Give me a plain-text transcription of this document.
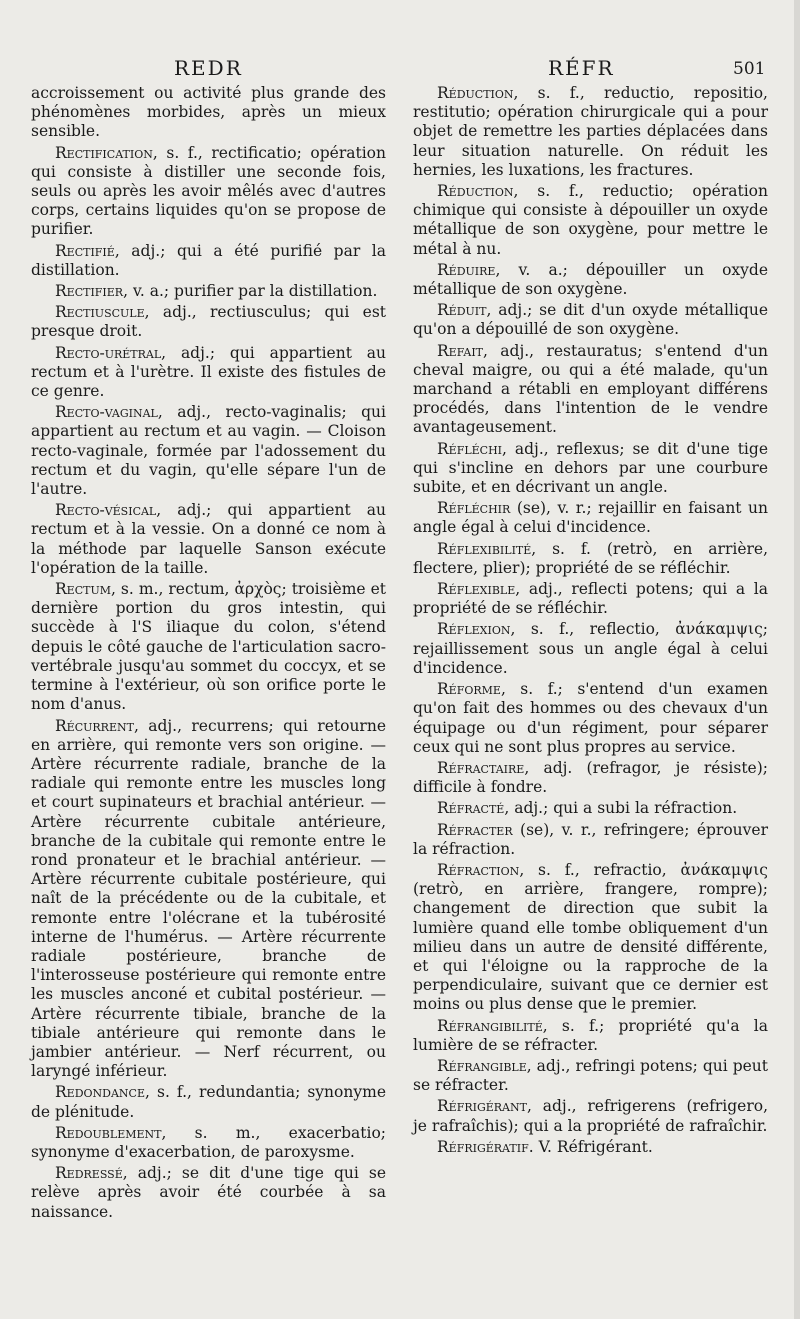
REDR	RÉFR	501

accroissement ou activité plus grande des phénomènes morbides, après un mieux sensible.

Rectification, s. f., rectificatio; opération qui consiste à distiller une seconde fois, seuls ou après les avoir mêlés avec d'autres corps, certains liquides qu'on se propose de purifier.

Rectifié, adj.; qui a été purifié par la distillation.

Rectifier, v. a.; purifier par la distillation.

Rectiuscule, adj., rectiusculus; qui est presque droit.

Recto-urétral, adj.; qui appartient au rectum et à l'urètre. Il existe des fistules de ce genre.

Recto-vaginal, adj., recto-vaginalis; qui appartient au rectum et au vagin. — Cloison recto-vaginale, formée par l'adossement du rectum et du vagin, qu'elle sépare l'un de l'autre.

Recto-vésical, adj.; qui appartient au rectum et à la vessie. On a donné ce nom à la méthode par laquelle Sanson exécute l'opération de la taille.

Rectum, s. m., rectum, ἀρχὸς; troisième et dernière portion du gros intestin, qui succède à l'S iliaque du colon, s'étend depuis le côté gauche de l'articulation sacro-vertébrale jusqu'au sommet du coccyx, et se termine à l'extérieur, où son orifice porte le nom d'anus.

Récurrent, adj., recurrens; qui retourne en arrière, qui remonte vers son origine. — Artère récurrente radiale, branche de la radiale qui remonte entre les muscles long et court supinateurs et brachial antérieur. — Artère récurrente cubitale antérieure, branche de la cubitale qui remonte entre le rond pronateur et le brachial antérieur. — Artère récurrente cubitale postérieure, qui naît de la précédente ou de la cubitale, et remonte entre l'olécrane et la tubérosité interne de l'humérus. — Artère récurrente radiale postérieure, branche de l'interosseuse postérieure qui remonte entre les muscles anconé et cubital postérieur. — Artère récurrente tibiale, branche de la tibiale antérieure qui remonte dans le jambier antérieur. — Nerf récurrent, ou laryngé inférieur.

Redondance, s. f., redundantia; synonyme de plénitude.

Redoublement, s. m., exacerbatio; synonyme d'exacerbation, de paroxysme.

Redressé, adj.; se dit d'une tige qui se relève après avoir été courbée à sa naissance.

Réduction, s. f., reductio, repositio, restitutio; opération chirurgicale qui a pour objet de remettre les parties déplacées dans leur situation naturelle. On réduit les hernies, les luxations, les fractures.

Réduction, s. f., reductio; opération chimique qui consiste à dépouiller un oxyde métallique de son oxygène, pour mettre le métal à nu.

Réduire, v. a.; dépouiller un oxyde métallique de son oxygène.

Réduit, adj.; se dit d'un oxyde métallique qu'on a dépouillé de son oxygène.

Refait, adj., restauratus; s'entend d'un cheval maigre, ou qui a été malade, qu'un marchand a rétabli en employant différens procédés, dans l'intention de le vendre avantageusement.

Réfléchi, adj., reflexus; se dit d'une tige qui s'incline en dehors par une courbure subite, et en décrivant un angle.

Réfléchir (se), v. r.; rejaillir en faisant un angle égal à celui d'incidence.

Réflexibilité, s. f. (retrò, en arrière, flectere, plier); propriété de se réfléchir.

Réflexible, adj., reflecti potens; qui a la propriété de se réfléchir.

Réflexion, s. f., reflectio, ἀνάκαμψις; rejaillissement sous un angle égal à celui d'incidence.

Réforme, s. f.; s'entend d'un examen qu'on fait des hommes ou des chevaux d'un équipage ou d'un régiment, pour séparer ceux qui ne sont plus propres au service.

Réfractaire, adj. (refragor, je résiste); difficile à fondre.

Réfracté, adj.; qui a subi la réfraction.

Réfracter (se), v. r., refringere; éprouver la réfraction.

Réfraction, s. f., refractio, ἀνάκαμψις (retrò, en arrière, frangere, rompre); changement de direction que subit la lumière quand elle tombe obliquement d'un milieu dans un autre de densité différente, et qui l'éloigne ou la rapproche de la perpendiculaire, suivant que ce dernier est moins ou plus dense que le premier.

Réfrangibilité, s. f.; propriété qu'a la lumière de se réfracter.

Réfrangible, adj., refringi potens; qui peut se réfracter.

Réfrigérant, adj., refrigerens (refrigero, je rafraîchis); qui a la propriété de rafraîchir.

Réfrigératif. V. Réfrigérant.
